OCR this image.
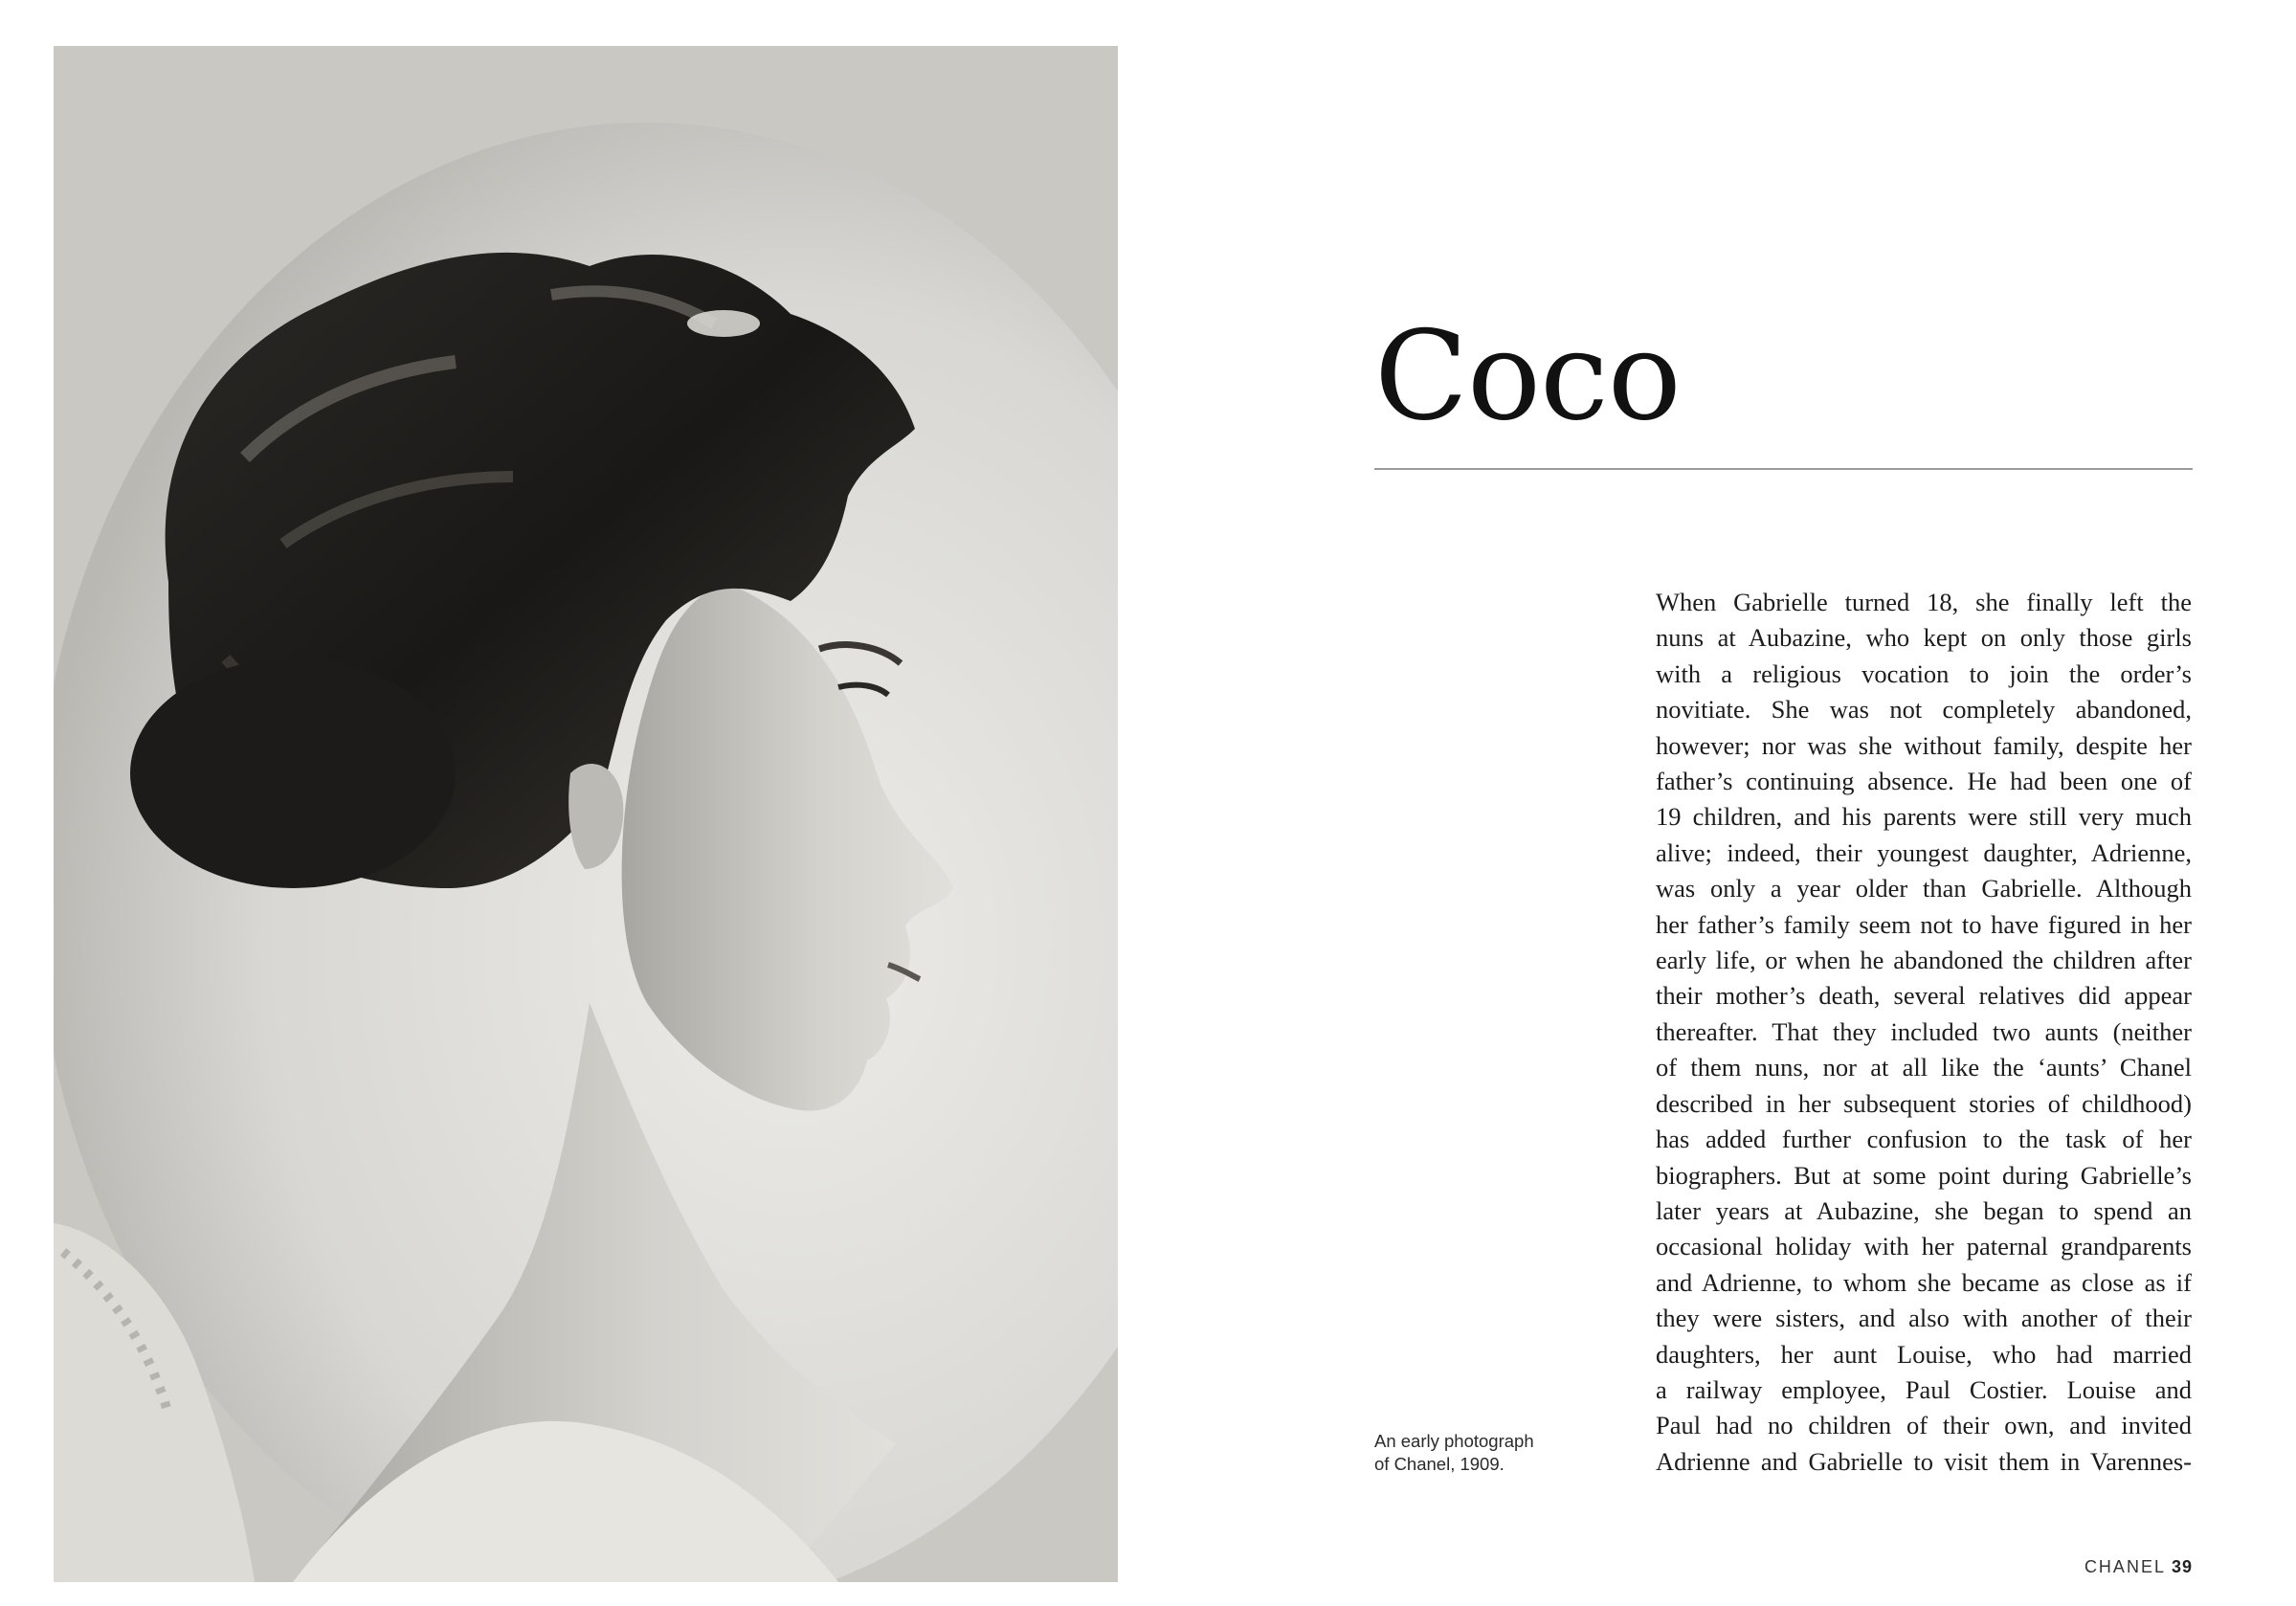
Coco
When Gabrielle turned 18, she finally left the
nuns at Aubazine, who kept on only those girls
with a religious vocation to join the order’s
novitiate. She was not completely abandoned,
however; nor was she without family, despite her
father’s continuing absence. He had been one of
19 children, and his parents were still very much
alive; indeed, their youngest daughter, Adrienne,
was only a year older than Gabrielle. Although
her father’s family seem not to have figured in her
early life, or when he abandoned the children after
their mother’s death, several relatives did appear
thereafter. That they included two aunts (neither
of them nuns, nor at all like the ‘aunts’ Chanel
described in her subsequent stories of childhood)
has added further confusion to the task of her
biographers. But at some point during Gabrielle’s
later years at Aubazine, she began to spend an
occasional holiday with her paternal grandparents
and Adrienne, to whom she became as close as if
they were sisters, and also with another of their
daughters, her aunt Louise, who had married
a railway employee, Paul Costier. Louise and
Paul had no children of their own, and invited
Adrienne and Gabrielle to visit them in Varennes-

An early photograph
of Chanel, 1909.

CHANEL 39
